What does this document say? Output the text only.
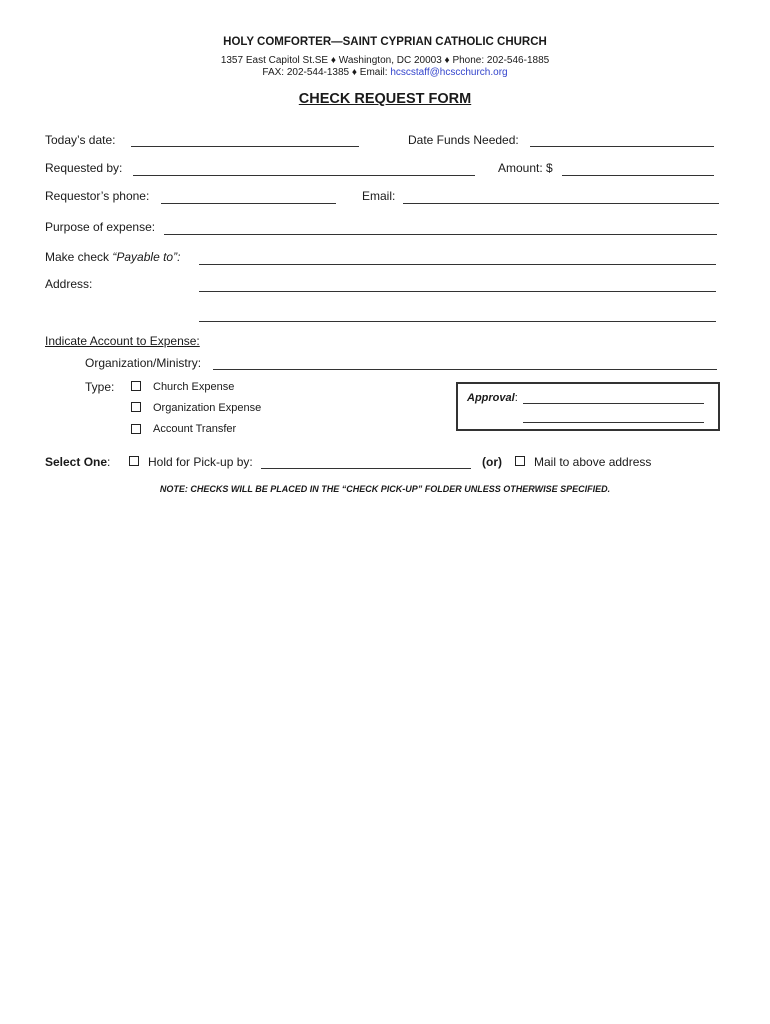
HOLY COMFORTER—SAINT CYPRIAN CATHOLIC CHURCH
1357 East Capitol St.SE ♦ Washington, DC 20003 ♦ Phone: 202-546-1885
FAX: 202-544-1385 ♦ Email: hcscstaff@hcscchurch.org
CHECK REQUEST FORM
Today’s date:	Date Funds Needed:
Requested by:	Amount: $
Requestor’s phone:	Email:
Purpose of expense:
Make check “Payable to”:
Address:
Indicate Account to Expense:
Organization/Ministry:
Type:	Church Expense
Organization Expense
Account Transfer
Approval:
Select One:	Hold for Pick-up by:	(or)	Mail to above address
NOTE: CHECKS WILL BE PLACED IN THE “CHECK PICK-UP” FOLDER UNLESS OTHERWISE SPECIFIED.
